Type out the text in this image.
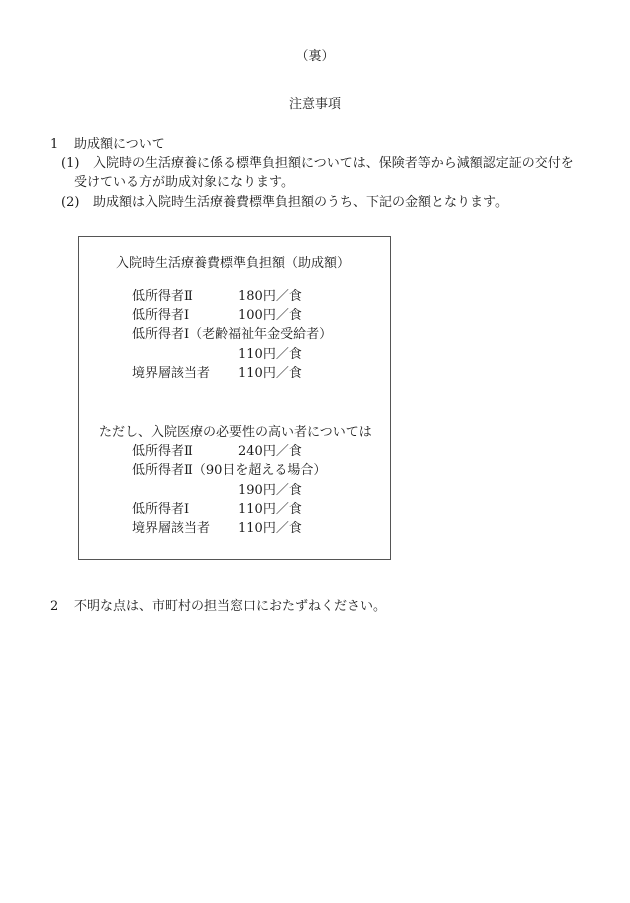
（裏）
注意事項
1 助成額について
(1) 入院時の生活療養に係る標準負担額については、保険者等から減額認定証の交付を
受けている方が助成対象になります。
(2) 助成額は入院時生活療養費標準負担額のうち、下記の金額となります。
入院時生活療養費標準負担額（助成額）
低所得者Ⅱ	180円／食
低所得者Ⅰ	100円／食
低所得者Ⅰ（老齢福祉年金受給者）
110円／食
境界層該当者 110円／食
ただし、入院医療の必要性の高い者については
低所得者Ⅱ	240円／食
低所得者Ⅱ（90日を超える場合）
190円／食
低所得者Ⅰ	110円／食
境界層該当者 110円／食
2 不明な点は、市町村の担当窓口におたずねください。
